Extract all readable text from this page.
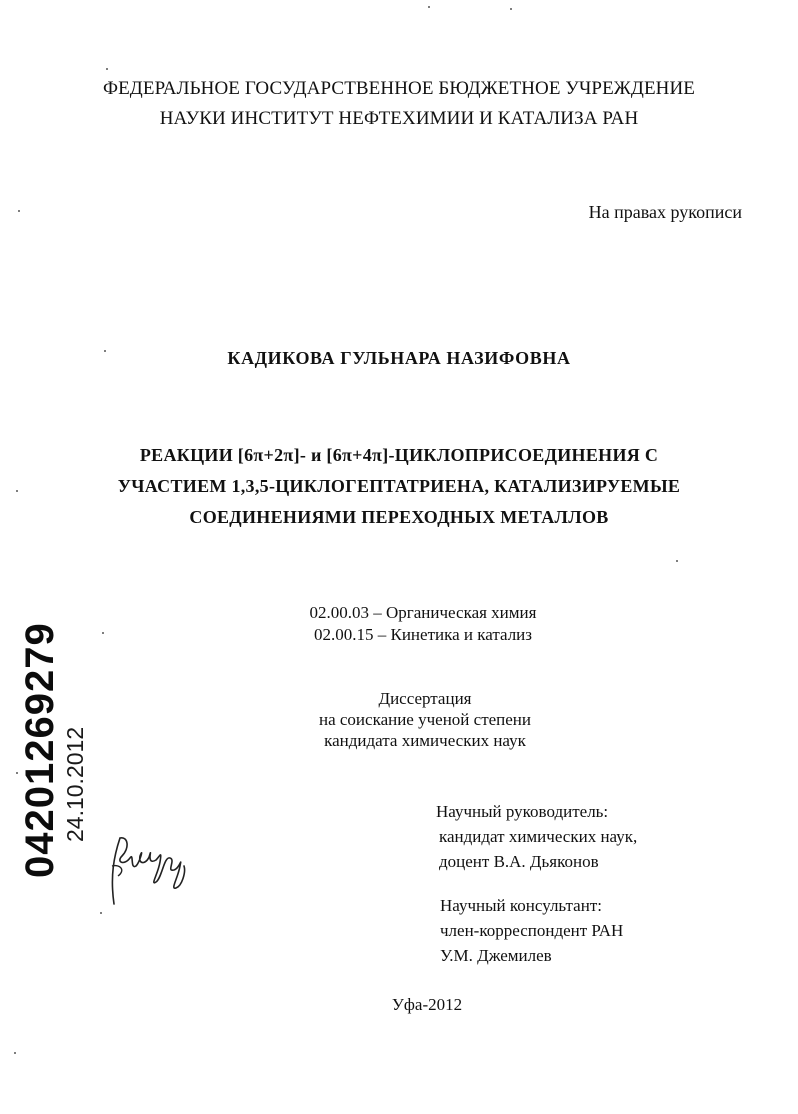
ФЕДЕРАЛЬНОЕ ГОСУДАРСТВЕННОЕ БЮДЖЕТНОЕ УЧРЕЖДЕНИЕ
НАУКИ ИНСТИТУТ НЕФТЕХИМИИ И КАТАЛИЗА РАН
На правах рукописи
КАДИКОВА ГУЛЬНАРА НАЗИФОВНА
РЕАКЦИИ [6π+2π]- и [6π+4π]-ЦИКЛОПРИСОЕДИНЕНИЯ С
УЧАСТИЕМ 1,3,5-ЦИКЛОГЕПТАТРИЕНА, КАТАЛИЗИРУЕМЫЕ
СОЕДИНЕНИЯМИ ПЕРЕХОДНЫХ МЕТАЛЛОВ
02.00.03 – Органическая химия
02.00.15 – Кинетика и катализ
Диссертация
на соискание ученой степени
кандидата химических наук
Научный руководитель:
кандидат химических наук,
доцент В.А. Дьяконов
Научный консультант:
член-корреспондент РАН
У.М. Джемилев
Уфа-2012
04201269279 24.10.2012
